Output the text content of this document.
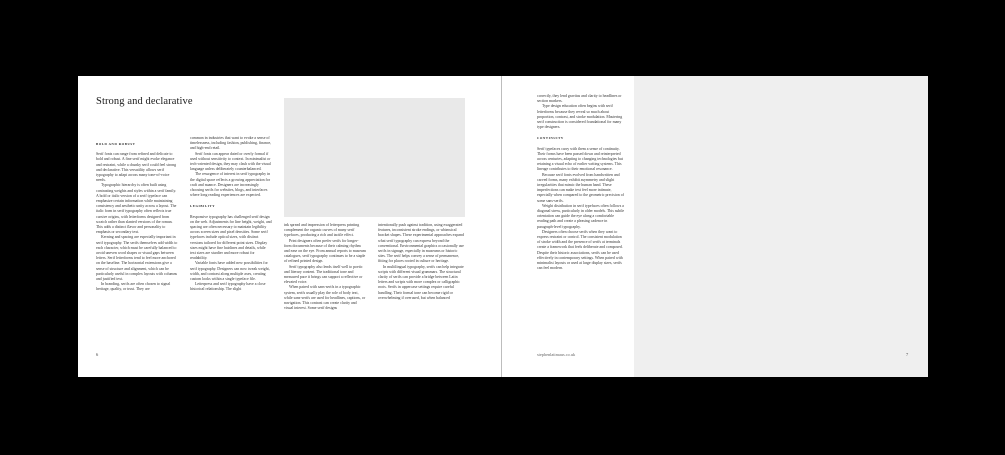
Strong and declarative
BOLD AND ROBUST

Serif fonts can range from refined and delicate to bold and robust. A fine serif might evoke elegance and restraint, while a chunky serif could feel strong and declarative. This versatility allows serif typography to adapt across many tone-of-voice needs.

Typographic hierarchy is often built using contrasting weights and styles within a serif family. A bold or italic version of a serif typeface can emphasize certain information while maintaining consistency and aesthetic unity across a layout. The italic form in serif typography often reflects true cursive origins, with letterforms designed from scratch rather than slanted versions of the roman. This adds a distinct flavor and personality to emphasis or secondary text.

Kerning and spacing are especially important in serif typography. The serifs themselves add width to each character, which must be carefully balanced to avoid uneven word shapes or visual gaps between letters. Serif letterforms tend to feel more anchored on the baseline. The horizontal extensions give a sense of structure and alignment, which can be particularly useful in complex layouts with columns and justified text.

In branding, serifs are often chosen to signal heritage, quality, or trust. They are

common in industries that want to evoke a sense of timelessness, including fashion, publishing, finance, and high-end retail.

Serif fonts can appear dated or overly formal if used without sensitivity to context. In minimalist or tech-oriented design, they may clash with the visual language unless deliberately counterbalanced.

The resurgence of interest in serif typography in the digital space reflects a growing appreciation for craft and nuance. Designers are increasingly choosing serifs for websites, blogs, and interfaces where long reading experiences are expected.

LEGIBILITY

Responsive typography has challenged serif design on the web. Adjustments for line height, weight, and spacing are often necessary to maintain legibility across screen sizes and pixel densities. Some serif typefaces include optical sizes, with distinct versions tailored for different point sizes. Display sizes might have fine hairlines and details, while text sizes are sturdier and more robust for readability.

Variable fonts have added new possibilities for serif typography. Designers can now tweak weight, width, and contrast along multiple axes, creating custom looks within a single typeface file.

Letterpress and serif typography have a close historical relationship. The slight

ink spread and impression of letterpress printing complement the organic curves of many serif typefaces, producing a rich and tactile effect.

Print designers often prefer serifs for longer-form documents because of their calming rhythm and ease on the eye. From annual reports to museum catalogues, serif typography continues to be a staple of refined printed design.

Serif typography also lends itself well to poetic and literary content. The traditional tone and measured pace it brings can support a reflective or elevated voice.

When paired with sans-serifs in a typographic system, serifs usually play the role of body text, while sans-serifs are used for headlines, captions, or navigation. This contrast can create clarity and visual interest. Some serif designs

intentionally push against tradition, using exaggerated features, inconsistent stroke endings, or whimsical bracket shapes. These experimental approaches expand what serif typography can express beyond the conventional. Environmental graphics occasionally use serifs in signage, especially in museums or historic sites. The serif helps convey a sense of permanence, fitting for places rooted in culture or heritage.

In multilingual typography, serifs can help integrate scripts with different visual grammars. The structural clarity of serifs can provide a bridge between Latin letters and scripts with more complex or calligraphic roots. Serifs in uppercase settings require careful handling. Their formal tone can become rigid or overwhelming if overused, but when balanced

6

correctly, they lend gravitas and clarity to headlines or section markers.

Type design education often begins with serif letterforms because they reveal so much about proportion, contrast, and stroke modulation. Mastering serif construction is considered foundational for many type designers.

CONTINUITY

Serif typefaces carry with them a sense of continuity. Their forms have been passed down and reinterpreted across centuries, adapting to changing technologies but retaining a visual echo of earlier writing systems. This lineage contributes to their emotional resonance.

Because serif fonts evolved from handwritten and carved forms, many exhibit asymmetry and slight irregularities that mimic the human hand. These imperfections can make text feel more intimate, especially when compared to the geometric precision of some sans-serifs.

Weight distribution in serif typefaces often follows a diagonal stress, particularly in older models. This subtle orientation can guide the eye along a comfortable reading path and create a pleasing cadence in paragraph-level typography.

Designers often choose serifs when they want to express restraint or control. The consistent modulation of stroke width and the presence of serifs at terminals create a framework that feels deliberate and composed. Despite their historic associations, serifs can be used effectively in contemporary settings. When paired with minimalist layouts or used at large display sizes, serifs can feel modern.

stephenlatimaus.co.uk	7
